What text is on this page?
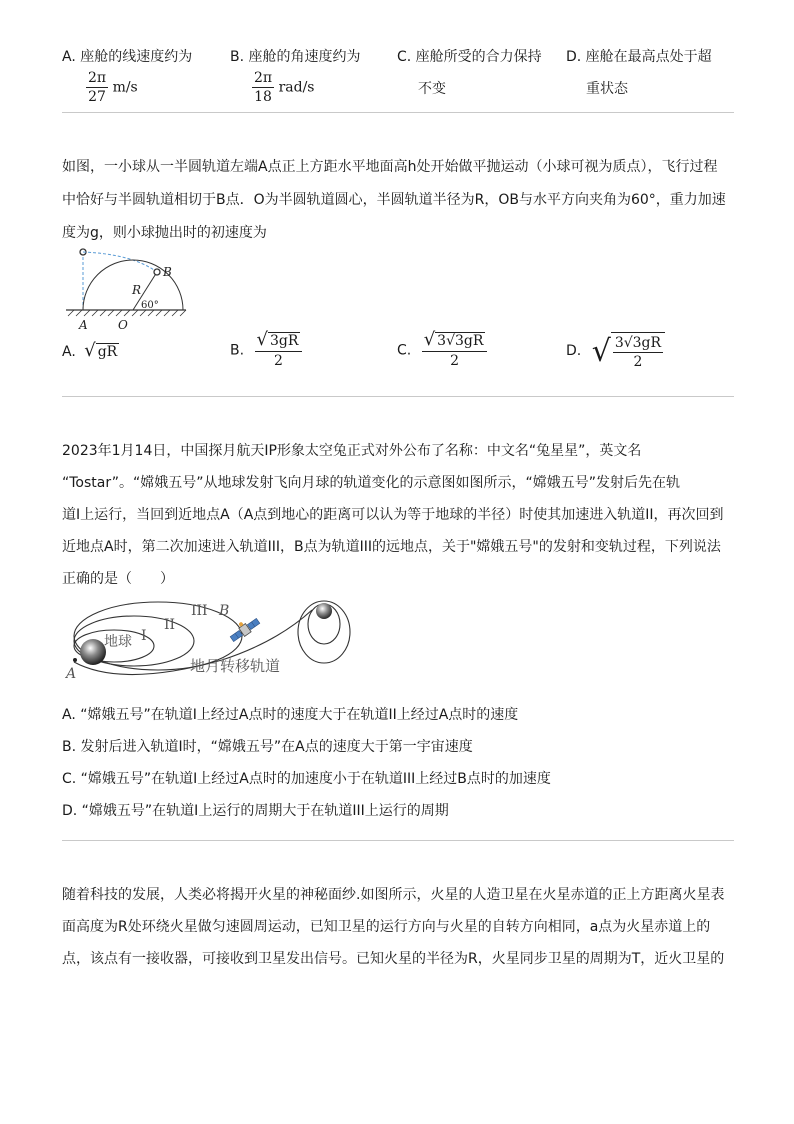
A. 座舱的线速度约为
$\frac{2\pi}{27} m/s$
B. 座舱的角速度约为
$\frac{2\pi}{18} rad/s$
C. 座舱所受的合力保持
不变
D. 座舱在最高点处于超
重状态
如图，一小球从一半圆轨道左端A点正上方距水平地面高h处开始做平抛运动（小球可视为质点），飞行过程
中恰好与半圆轨道相切于B点．O为半圆轨道圆心，半圆轨道半径为R，OB与水平方向夹角为60°，重力加速
度为g，则小球抛出时的初速度为
B
R
60°
A	O
A. √ gR	B. $\frac{√ 3gR}{2}$	C. $\frac{√ 3√3gR}{2}$	D. √ $\frac{3√3gR}{2}$
2023年1月14日，中国探月航天IP形象太空兔正式对外公布了名称：中文名“兔星星”，英文名
“Tostar”。“嫦娥五号”从地球发射飞向月球的轨道变化的示意图如图所示，“嫦娥五号”发射后先在轨
道I上运行，当回到近地点A（A点到地心的距离可以认为等于地球的半径）时使其加速进入轨道II，再次回到
近地点A时，第二次加速进入轨道III，B点为轨道III的远地点，关于"嫦娥五号"的发射和变轨过程，下列说法
正确的是（　　）
地球 I
II
III B
A	地月转移轨道
A. “嫦娥五号”在轨道I上经过A点时的速度大于在轨道II上经过A点时的速度
B. 发射后进入轨道I时，“嫦娥五号”在A点的速度大于第一宇宙速度
C. “嫦娥五号”在轨道I上经过A点时的加速度小于在轨道III上经过B点时的加速度
D. “嫦娥五号”在轨道I上运行的周期大于在轨道III上运行的周期
随着科技的发展，人类必将揭开火星的神秘面纱.如图所示，火星的人造卫星在火星赤道的正上方距离火星表
面高度为R处环绕火星做匀速圆周运动，已知卫星的运行方向与火星的自转方向相同，a点为火星赤道上的
点，该点有一接收器，可接收到卫星发出信号。已知火星的半径为R，火星同步卫星的周期为T，近火卫星的
